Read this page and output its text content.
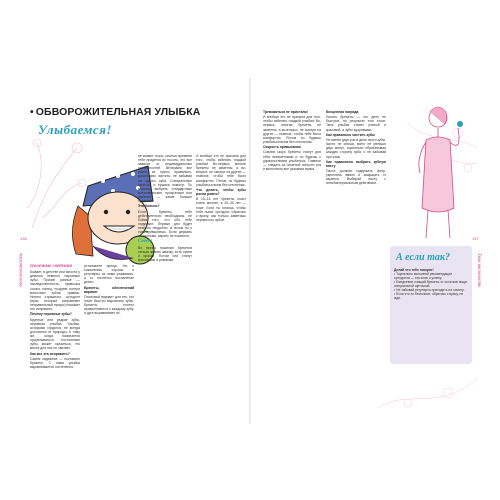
136	137
Твоя внешность	Твоя внешность
• ОБВОРОЖИТЕЛЬНАЯ УЛЫБКА
Улыбаемся!

Полезные сведения

Бывает, в детстве или юности у девочки немного неровные зубы. Причин разные — наследственность, привычка сосать палец, поздние потери молочных зубов, травмы. Ничего страшного, ортодонт (врач, который исправляет неправильный прикус) поможет это исправить.

Почему неровные зубы?

Крупные или редкие зубы, неровная улыбка. Улыбки, которыми гордятся, не всегда достаются от природы. К тому же, когда начинается прорезываться постоянные зубы, может оказаться, что места для них не хватает.

Как все это исправить?

Самое надежное — поставить брекеты. С ними улыбка выравнивается постепенно.

установлен прикус. Не, к сожалению, хорошо и регулярно за ними ухаживать, а то начнется воспаление десен.

Брекеты, обеспечений вариант

Отличный вариант для тех, кто хочет быстро выровнять зубы. Брекеты плотно прикрепляются к каждому зубу, а дуга выравнивает их.

не скажет точно, сколько времени тебе придется их носить, это все зависит от индивидуальных особенностей. Вечерами все равно их нужно правильно, кропотливо чистить, не забывая ни одного зуба. Специальные щеточки и ершики помогут. Ты можешь выбрать стандартные металлические, прозрачные или цветные — какие больше нравятся.

Это больно?

Если брекеты тебе действительно необходимы, не бойся того, что обо тебе подумают. Первые дни будет немного неудобно, а потом ты к ним привыкнешь. Если держать их чистыми, кариес не появится.

Совет

Во время ношения брекетов нельзя жевать жвачку, есть орехи и ириски. Потом они станут красивыми и ровными.

И вообще это не причина для того, чтобы избегать гладкой улыбки! Во-первых, многие брекеты не заметны, а во-вторых, не смотри на других — главное, чтобы тебе было комфортно. Потом ты будешь улыбаться всем без стеснения.

Что делать, чтобы зубы росли ровно?

В 13–14 лет брекеты носит очень многие, в 20–30 лет — тоже. Если ты хочешь, чтобы тебе помог ортодонт, обратись к врачу, как только заметишь неровность зубов.

Тревожиться не пристало!

И вообще это не причина для того, чтобы избегать гладкой улыбки! Во-первых, многие брекеты не заметны, а во-вторых, не смотри на других — главное, чтобы тебе было комфортно. Потом ты будешь улыбаться всем без стеснения.

Скорость привыкания

Совсем скоро брекеты станут для тебя незаметными и ты будешь с удовольствием улыбаться. Главное — следить за гигиеной полости рта и выполнять все указания врача.

Бесценная награда

Носить брекеты — это дело не быстрое, но результат того стоит. Твоя улыбка станет ровной и красивой, а зубы здоровыми.

Как правильно чистить зубы

Не менее двух раз в день чисти зубы. Чисти не спеша, всего не меньше двух минут, тщательно обрабатывая каждую сторону зуба, и не забывай про язык.

Как правильно выбрать зубную пасту

Паста должна содержать фтор, укреплять эмаль и защищать от кариеса. Выбирай пасту с антибактериальным действием.

А если так?

Делай что тебе говорят!

• Тщательно выполняй рекомендации ортодонта — это ключ к успеху.

• Ежедневно очищай брекеты от остатков пищи специальной щеточкой.

• Не забывай регулярно приходить на осмотр.

• Если что-то беспокоит, обратись к врачу, не жди.
